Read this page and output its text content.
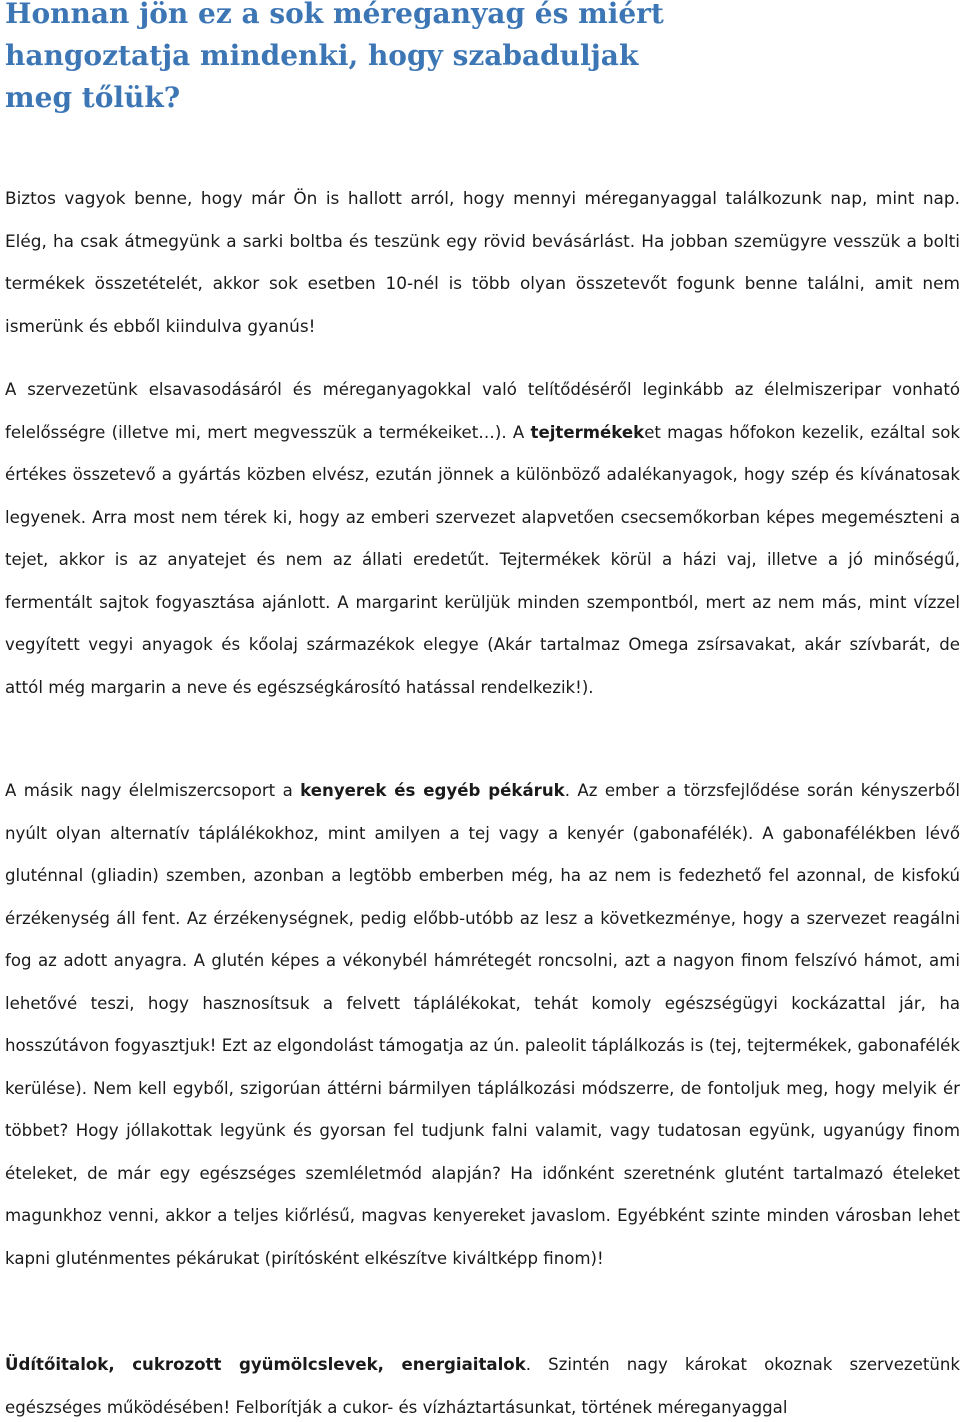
Honnan jön ez a sok méreganyag és miért hangoztatja mindenki, hogy szabaduljak meg tőlük?

Biztos vagyok benne, hogy már Ön is hallott arról, hogy mennyi méreganyaggal találkozunk nap, mint nap. Elég, ha csak átmegyünk a sarki boltba és teszünk egy rövid bevásárlást. Ha jobban szemügyre vesszük a bolti termékek összetételét, akkor sok esetben 10-nél is több olyan összetevőt fogunk benne találni, amit nem ismerünk és ebből kiindulva gyanús!

A szervezetünk elsavasodásáról és méreganyagokkal való telítődéséről leginkább az élelmiszeripar vonható felelősségre (illetve mi, mert megvesszük a termékeiket…). A tejtermékeket magas hőfokon kezelik, ezáltal sok értékes összetevő a gyártás közben elvész, ezután jönnek a különböző adalékanyagok, hogy szép és kívánatosak legyenek. Arra most nem térek ki, hogy az emberi szervezet alapvetően csecsemőkorban képes megemészteni a tejet, akkor is az anyatejet és nem az állati eredetűt. Tejtermékek körül a házi vaj, illetve a jó minőségű, fermentált sajtok fogyasztása ajánlott. A margarint kerüljük minden szempontból, mert az nem más, mint vízzel vegyített vegyi anyagok és kőolaj származékok elegye (Akár tartalmaz Omega zsírsavakat, akár szívbarát, de attól még margarin a neve és egészségkárosító hatással rendelkezik!).

A másik nagy élelmiszercsoport a kenyerek és egyéb pékáruk. Az ember a törzsfejlődése során kényszerből nyúlt olyan alternatív táplálékokhoz, mint amilyen a tej vagy a kenyér (gabonafélék). A gabonafélékben lévő gluténnal (gliadin) szemben, azonban a legtöbb emberben még, ha az nem is fedezhető fel azonnal, de kisfokú érzékenység áll fent. Az érzékenységnek, pedig előbb-utóbb az lesz a következménye, hogy a szervezet reagálni fog az adott anyagra. A glutén képes a vékonybél hámrétegét roncsolni, azt a nagyon finom felszívó hámot, ami lehetővé teszi, hogy hasznosítsuk a felvett táplálékokat, tehát komoly egészségügyi kockázattal jár, ha hosszútávon fogyasztjuk! Ezt az elgondolást támogatja az ún. paleolit táplálkozás is (tej, tejtermékek, gabonafélék kerülése). Nem kell egyből, szigorúan áttérni bármilyen táplálkozási módszerre, de fontoljuk meg, hogy melyik ér többet? Hogy jóllakottak legyünk és gyorsan fel tudjunk falni valamit, vagy tudatosan együnk, ugyanúgy finom ételeket, de már egy egészséges szemléletmód alapján? Ha időnként szeretnénk glutént tartalmazó ételeket magunkhoz venni, akkor a teljes kiőrlésű, magvas kenyereket javaslom. Egyébként szinte minden városban lehet kapni gluténmentes pékárukat (pirítósként elkészítve kiváltképp finom)!

Üdítőitalok, cukrozott gyümölcslevek, energiaitalok. Szintén nagy károkat okoznak szervezetünk egészséges működésében! Felborítják a cukor- és vízháztartásunkat, történek méreganyaggal
